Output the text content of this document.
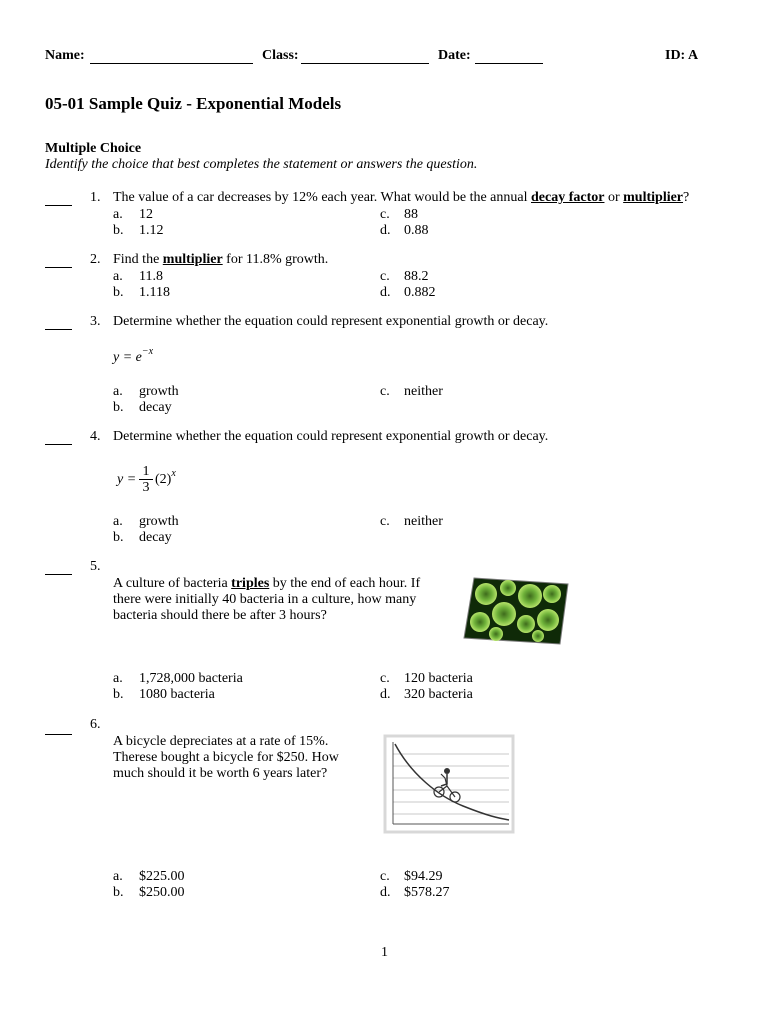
Name:	Class:	Date:	ID: A
05-01 Sample Quiz - Exponential Models
Multiple Choice
Identify the choice that best completes the statement or answers the question.
1. The value of a car decreases by 12% each year. What would be the annual decay factor or multiplier?
a. 12
b. 1.12
c. 88
d. 0.88
2. Find the multiplier for 11.8% growth.
a. 11.8
b. 1.118
c. 88.2
d. 0.882
3. Determine whether the equation could represent exponential growth or decay.
$y = e^{-x}$
a. growth
b. decay
c. neither
4. Determine whether the equation could represent exponential growth or decay.
$y = \frac{1}{3} (2)^x$
a. growth
b. decay
c. neither
5.
A culture of bacteria triples by the end of each hour. If
there were initially 40 bacteria in a culture, how many
bacteria should there be after 3 hours?
a. 1,728,000 bacteria
b. 1080 bacteria
c. 120 bacteria
d. 320 bacteria
6.
A bicycle depreciates at a rate of 15%.
Therese bought a bicycle for $250. How
much should it be worth 6 years later?
a. $225.00
b. $250.00
c. $94.29
d. $578.27
1
